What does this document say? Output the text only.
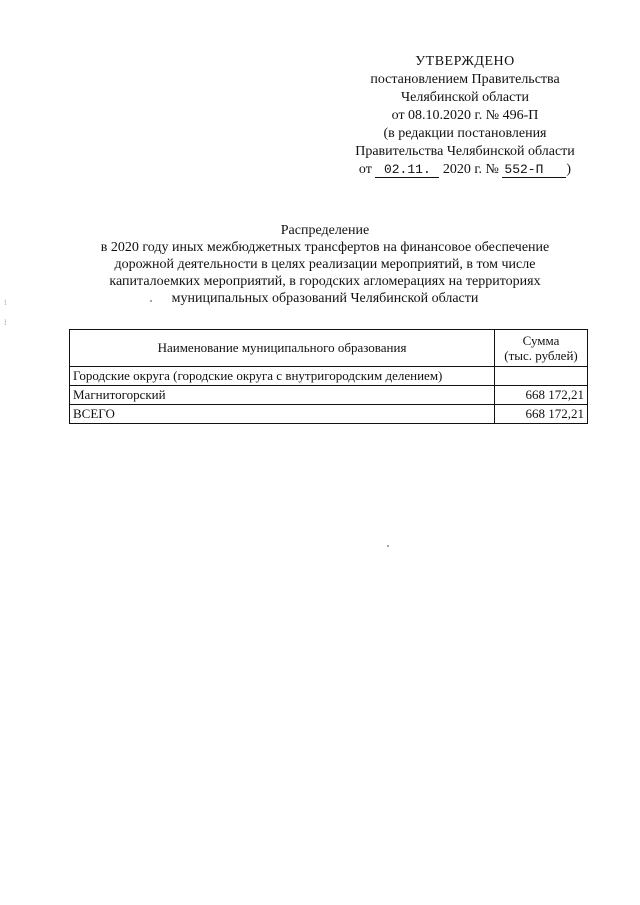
УТВЕРЖДЕНО
постановлением Правительства
Челябинской области
от 08.10.2020 г. № 496-П
(в редакции постановления
Правительства Челябинской области
от 02.11. 2020 г. № 552-П )
Распределение
в 2020 году иных межбюджетных трансфертов на финансовое обеспечение
дорожной деятельности в целях реализации мероприятий, в том числе
капиталоемких мероприятий, в городских агломерациях на территориях
муниципальных образований Челябинской области
⁞
⁞
Наименование муниципального образования	Сумма
(тыс. рублей)

Городские округа (городские округа с внутригородским делением)	
Магнитогорский	668 172,21
ВСЕГО	668 172,21
